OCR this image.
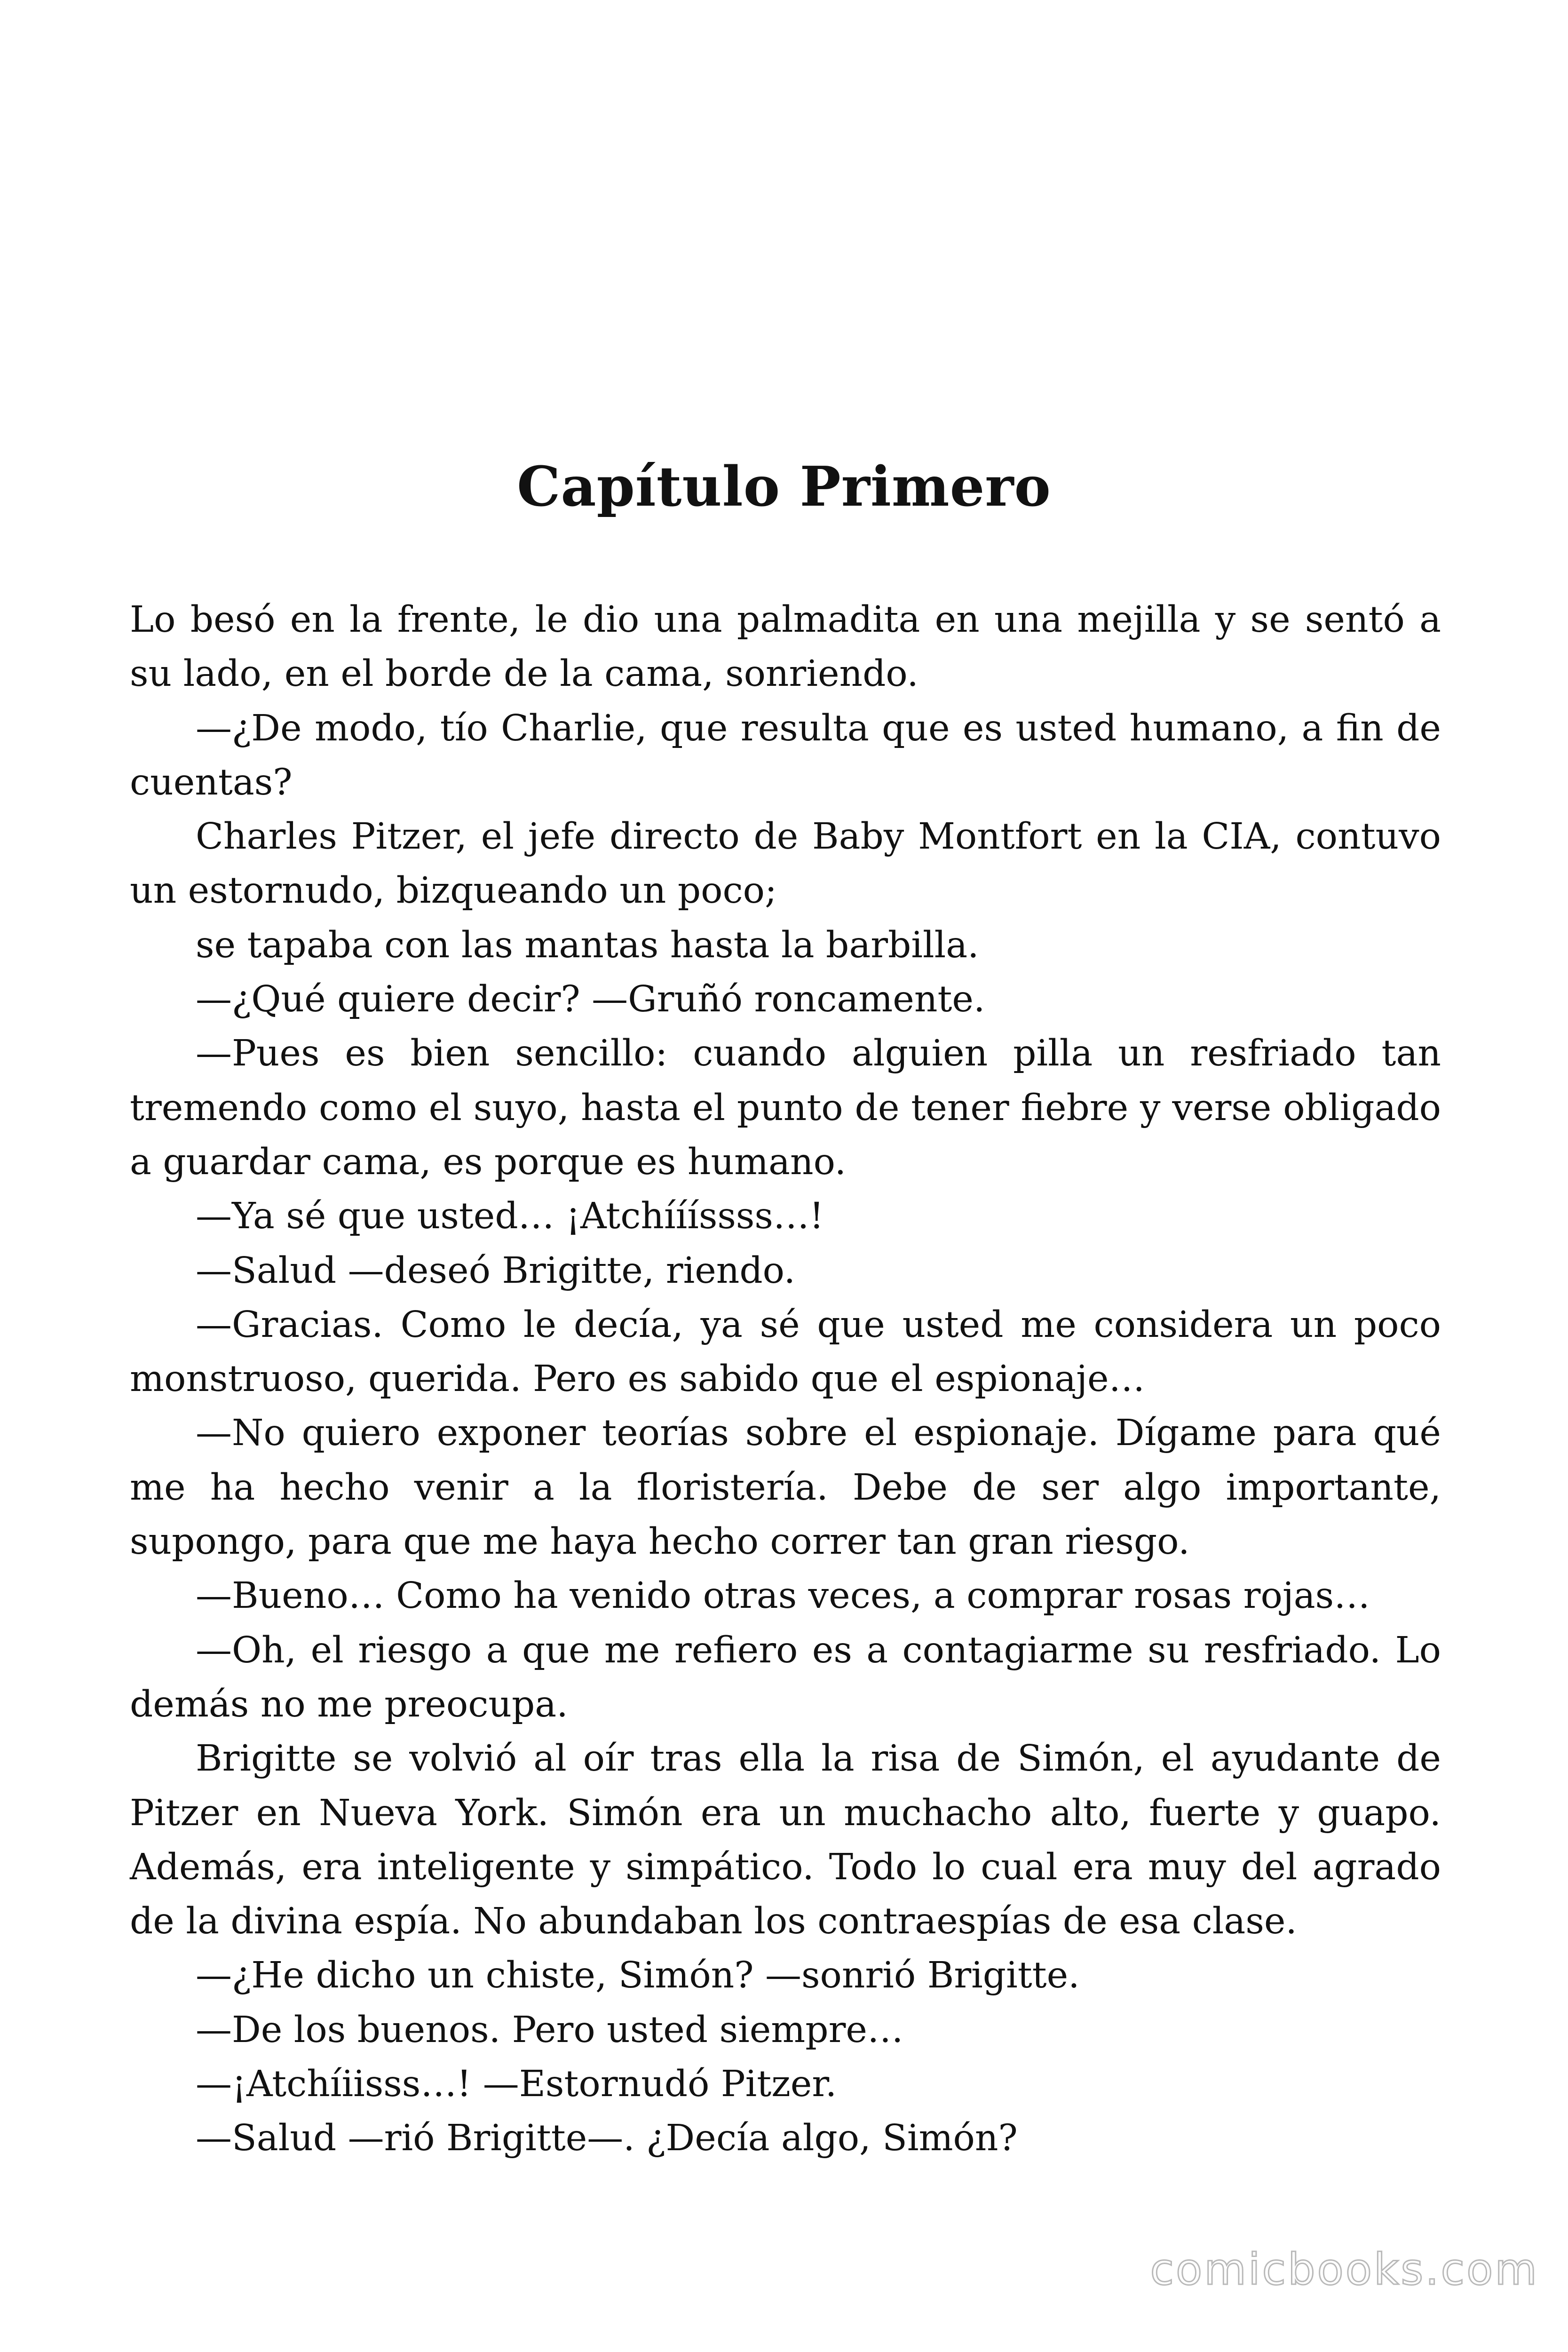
Capítulo Primero

Lo besó en la frente, le dio una palmadita en una mejilla y se sentó a su lado, en el borde de la cama, sonriendo.

—¿De modo, tío Charlie, que resulta que es usted humano, a fin de cuentas?

Charles Pitzer, el jefe directo de Baby Montfort en la CIA, contuvo un estornudo, bizqueando un poco;

se tapaba con las mantas hasta la barbilla.

—¿Qué quiere decir? —Gruñó roncamente.

—Pues es bien sencillo: cuando alguien pilla un resfriado tan tremendo como el suyo, hasta el punto de tener fiebre y verse obligado a guardar cama, es porque es humano.

—Ya sé que usted… ¡Atchíííssss…!

—Salud —deseó Brigitte, riendo.

—Gracias. Como le decía, ya sé que usted me considera un poco monstruoso, querida. Pero es sabido que el espionaje…

—No quiero exponer teorías sobre el espionaje. Dígame para qué me ha hecho venir a la floristería. Debe de ser algo importante, supongo, para que me haya hecho correr tan gran riesgo.

—Bueno… Como ha venido otras veces, a comprar rosas rojas…

—Oh, el riesgo a que me refiero es a contagiarme su resfriado. Lo demás no me preocupa.

Brigitte se volvió al oír tras ella la risa de Simón, el ayudante de Pitzer en Nueva York. Simón era un muchacho alto, fuerte y guapo. Además, era inteligente y simpático. Todo lo cual era muy del agrado de la divina espía. No abundaban los contraespías de esa clase.

—¿He dicho un chiste, Simón? —sonrió Brigitte.

—De los buenos. Pero usted siempre…

—¡Atchíiisss…! —Estornudó Pitzer.

—Salud —rió Brigitte—. ¿Decía algo, Simón?

comicbooks.com
